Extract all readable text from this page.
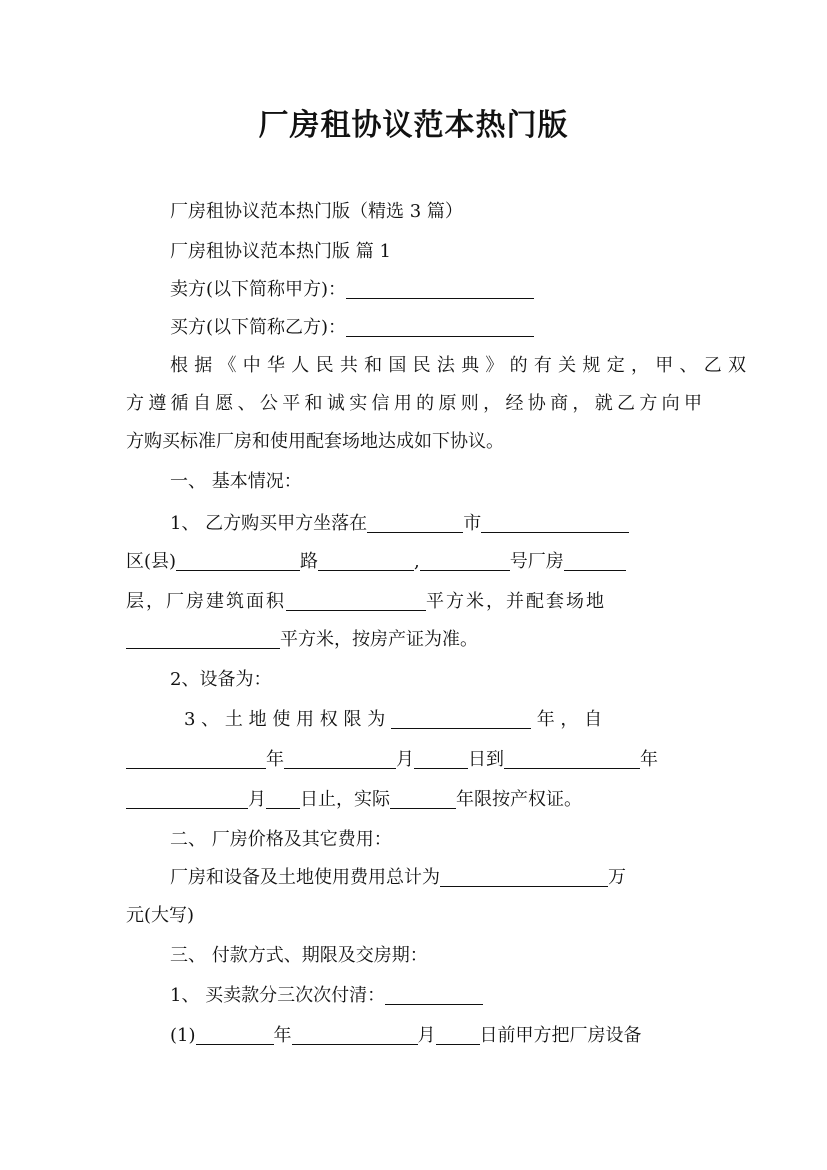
厂房租协议范本热门版
厂房租协议范本热门版（精选 3 篇）
厂房租协议范本热门版 篇 1
卖方(以下简称甲方)：
买方(以下简称乙方)：
根据《中华人民共和国民法典》的有关规定，甲、乙双
方遵循自愿、公平和诚实信用的原则，经协商，就乙方向甲
方购买标准厂房和使用配套场地达成如下协议。
一、 基本情况：
1、 乙方购买甲方坐落在	市
区(县)	路	,	号厂房
层，厂房建筑面积	平方米，并配套场地
平方米，按房产证为准。
2、设备为：
3 、 土 地 使 用 权 限 为	年 ， 自
年	月	日到	年
月 日止，实际	年限按产权证。
二、 厂房价格及其它费用：
厂房和设备及土地使用费用总计为	万
元(大写)
三、 付款方式、期限及交房期：
1、 买卖款分三次次付清：
(1)	年	月 日前甲方把厂房设备
